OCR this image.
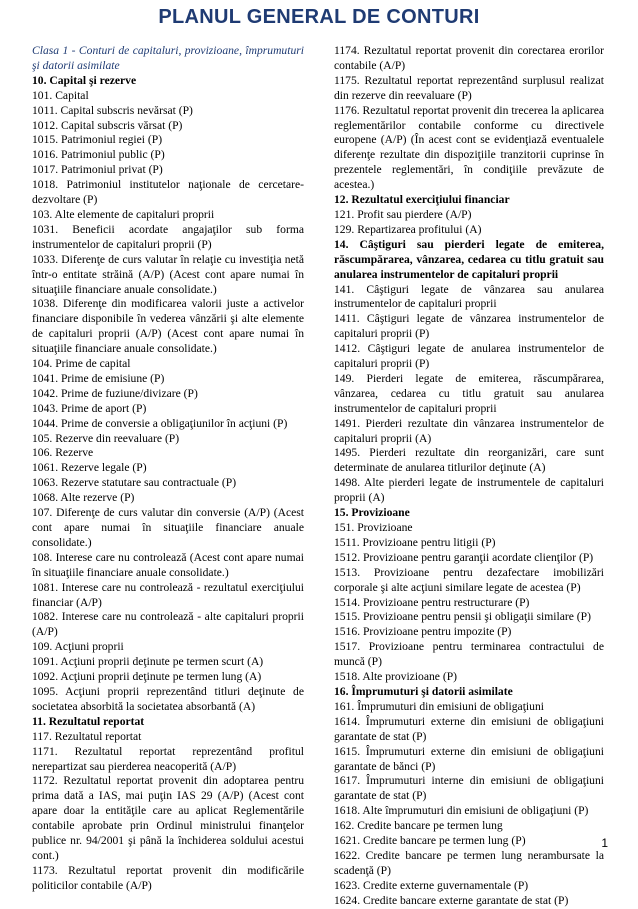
PLANUL GENERAL DE CONTURI

Clasa 1 - Conturi de capitaluri, provizioane, împrumuturi şi datorii asimilate

10. Capital şi rezerve

101. Capital

1011. Capital subscris nevărsat (P)

1012. Capital subscris vărsat (P)

1015. Patrimoniul regiei (P)

1016. Patrimoniul public (P)

1017. Patrimoniul privat (P)

1018. Patrimoniul institutelor naţionale de cercetare-dezvoltare (P)

103. Alte elemente de capitaluri proprii

1031. Beneficii acordate angajaţilor sub forma instrumentelor de capitaluri proprii (P)

1033. Diferenţe de curs valutar în relaţie cu investiţia netă într-o entitate străină (A/P) (Acest cont apare numai în situaţiile financiare anuale consolidate.)

1038. Diferenţe din modificarea valorii juste a activelor financiare disponibile în vederea vânzării şi alte elemente de capitaluri proprii (A/P) (Acest cont apare numai în situaţiile financiare anuale consolidate.)

104. Prime de capital

1041. Prime de emisiune (P)

1042. Prime de fuziune/divizare (P)

1043. Prime de aport (P)

1044. Prime de conversie a obligaţiunilor în acţiuni (P)

105. Rezerve din reevaluare (P)

106. Rezerve

1061. Rezerve legale (P)

1063. Rezerve statutare sau contractuale (P)

1068. Alte rezerve (P)

107. Diferenţe de curs valutar din conversie (A/P) (Acest cont apare numai în situaţiile financiare anuale consolidate.)

108. Interese care nu controlează (Acest cont apare numai în situaţiile financiare anuale consolidate.)

1081. Interese care nu controlează - rezultatul exerciţiului financiar (A/P)

1082. Interese care nu controlează - alte capitaluri proprii (A/P)

109. Acţiuni proprii

1091. Acţiuni proprii deţinute pe termen scurt (A)

1092. Acţiuni proprii deţinute pe termen lung (A)

1095. Acţiuni proprii reprezentând titluri deţinute de societatea absorbită la societatea absorbantă (A)

11. Rezultatul reportat

117. Rezultatul reportat

1171. Rezultatul reportat reprezentând profitul nerepartizat sau pierderea neacoperită (A/P)

1172. Rezultatul reportat provenit din adoptarea pentru prima dată a IAS, mai puţin IAS 29 (A/P) (Acest cont apare doar la entităţile care au aplicat Reglementările contabile aprobate prin Ordinul ministrului finanţelor publice nr. 94/2001 şi până la închiderea soldului acestui cont.)

1173. Rezultatul reportat provenit din modificările politicilor contabile (A/P)

1174. Rezultatul reportat provenit din corectarea erorilor contabile (A/P)

1175. Rezultatul reportat reprezentând surplusul realizat din rezerve din reevaluare (P)

1176. Rezultatul reportat provenit din trecerea la aplicarea reglementărilor contabile conforme cu directivele europene (A/P) (În acest cont se evidenţiază eventualele diferenţe rezultate din dispoziţiile tranzitorii cuprinse în prezentele reglementări, în condiţiile prevăzute de acestea.)

12. Rezultatul exerciţiului financiar

121. Profit sau pierdere (A/P)

129. Repartizarea profitului (A)

14. Câştiguri sau pierderi legate de emiterea, răscumpărarea, vânzarea, cedarea cu titlu gratuit sau anularea instrumentelor de capitaluri proprii

141. Câştiguri legate de vânzarea sau anularea instrumentelor de capitaluri proprii

1411. Câştiguri legate de vânzarea instrumentelor de capitaluri proprii (P)

1412. Câştiguri legate de anularea instrumentelor de capitaluri proprii (P)

149. Pierderi legate de emiterea, răscumpărarea, vânzarea, cedarea cu titlu gratuit sau anularea instrumentelor de capitaluri proprii

1491. Pierderi rezultate din vânzarea instrumentelor de capitaluri proprii (A)

1495. Pierderi rezultate din reorganizări, care sunt determinate de anularea titlurilor deţinute (A)

1498. Alte pierderi legate de instrumentele de capitaluri proprii (A)

15. Provizioane

151. Provizioane

1511. Provizioane pentru litigii (P)

1512. Provizioane pentru garanţii acordate clienţilor (P)

1513. Provizioane pentru dezafectare imobilizări corporale şi alte acţiuni similare legate de acestea (P)

1514. Provizioane pentru restructurare (P)

1515. Provizioane pentru pensii şi obligaţii similare (P)

1516. Provizioane pentru impozite (P)

1517. Provizioane pentru terminarea contractului de muncă (P)

1518. Alte provizioane (P)

16. Împrumuturi şi datorii asimilate

161. Împrumuturi din emisiuni de obligaţiuni

1614. Împrumuturi externe din emisiuni de obligaţiuni garantate de stat (P)

1615. Împrumuturi externe din emisiuni de obligaţiuni garantate de bănci (P)

1617. Împrumuturi interne din emisiuni de obligaţiuni garantate de stat (P)

1618. Alte împrumuturi din emisiuni de obligaţiuni (P)

162. Credite bancare pe termen lung

1621. Credite bancare pe termen lung (P)

1622. Credite bancare pe termen lung nerambursate la scadenţă (P)

1623. Credite externe guvernamentale (P)

1624. Credite bancare externe garantate de stat (P)

1
